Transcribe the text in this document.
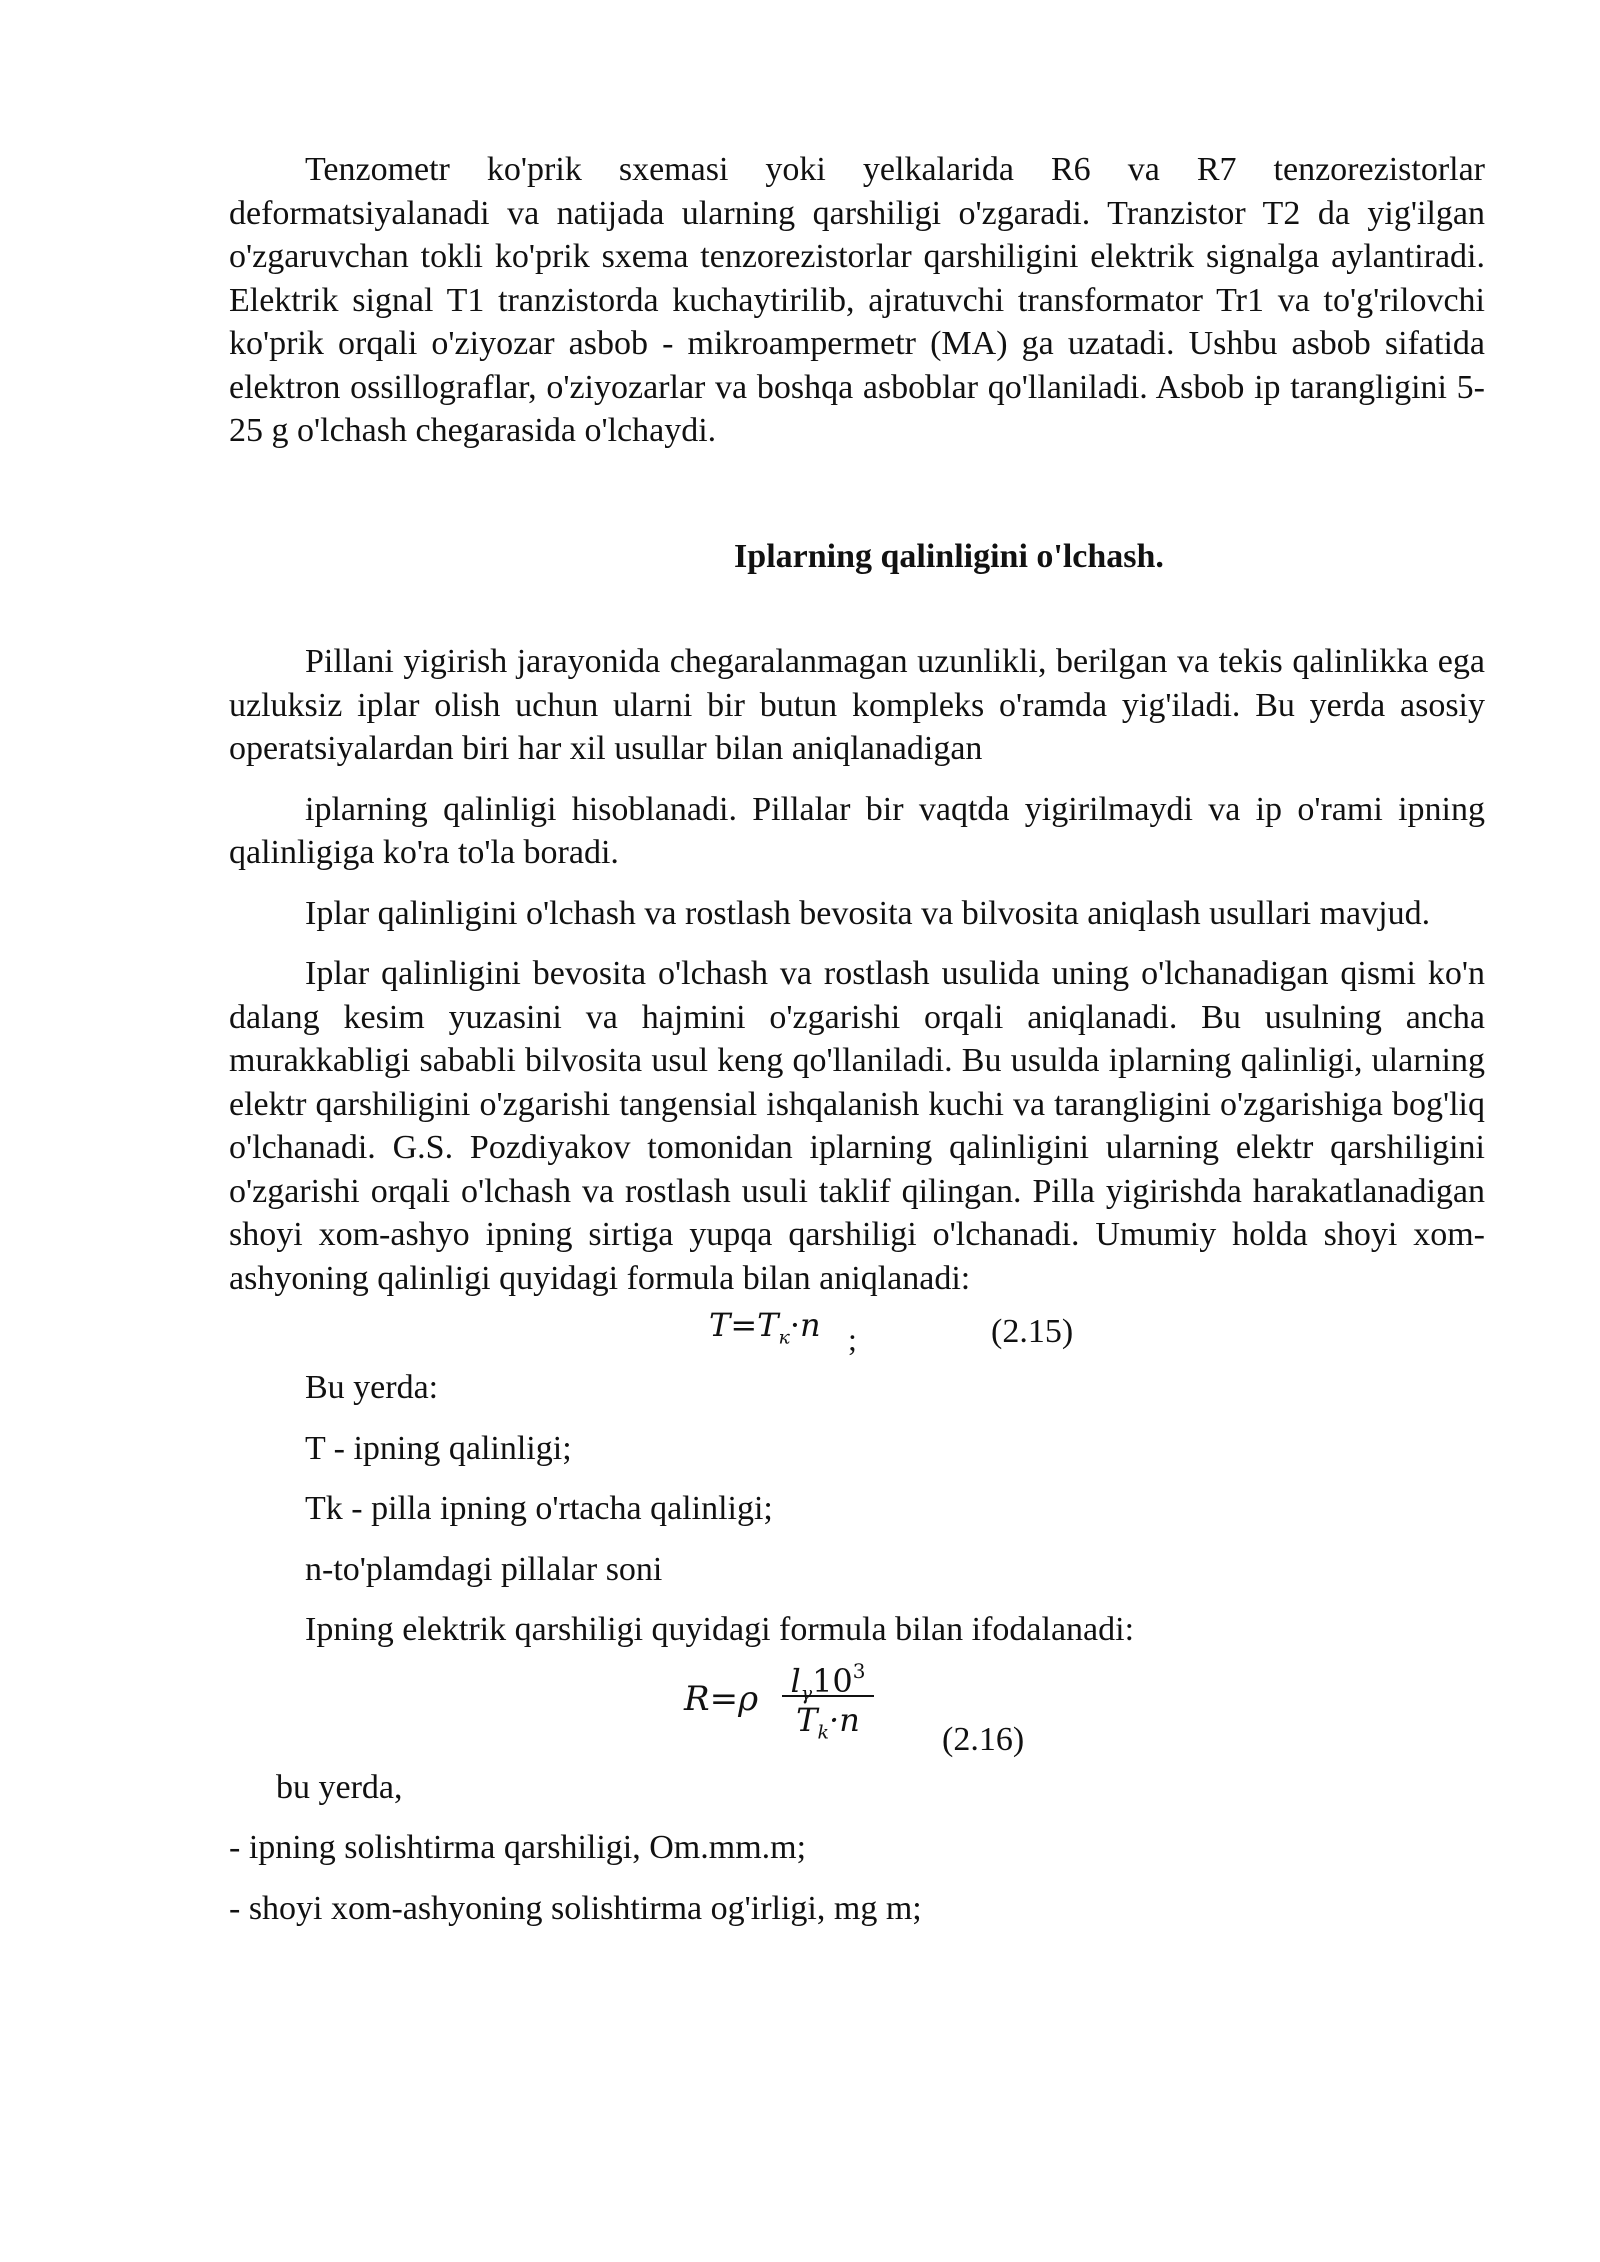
Tenzometr ko'prik sxemasi yoki yelkalarida R6 va R7 tenzorezistorlar deformatsiyalanadi va natijada ularning qarshiligi o'zgaradi. Tranzistor T2 da yig'ilgan o'zgaruvchan tokli ko'prik sxema tenzorezistorlar qarshiligini elektrik signalga aylantiradi. Elektrik signal T1 tranzistorda kuchaytirilib, ajratuvchi transformator Tr1 va to'g'rilovchi ko'prik orqali o'ziyozar asbob - mikroampermetr (MA) ga uzatadi. Ushbu asbob sifatida elektron ossillograflar, o'ziyozarlar va boshqa asboblar qo'llaniladi. Asbob ip tarangligini 5-25 g o'lchash chegarasida o'lchaydi.

Iplarning qalinligini o'lchash.

Pillani yigirish jarayonida chegaralanmagan uzunlikli, berilgan va tekis qalinlikka ega uzluksiz iplar olish uchun ularni bir butun kompleks o'ramda yig'iladi. Bu yerda asosiy operatsiyalardan biri har xil usullar bilan aniqlanadigan

iplarning qalinligi hisoblanadi. Pillalar bir vaqtda yigirilmaydi va ip o'rami ipning qalinligiga ko'ra to'la boradi.

Iplar qalinligini o'lchash va rostlash bevosita va bilvosita aniqlash usullari mavjud.

Iplar qalinligini bevosita o'lchash va rostlash usulida uning o'lchanadigan qismi ko'n dalang kesim yuzasini va hajmini o'zgarishi orqali aniqlanadi. Bu usulning ancha murakkabligi sababli bilvosita usul keng qo'llaniladi. Bu usulda iplarning qalinligi, ularning elektr qarshiligini o'zgarishi tangensial ishqalanish kuchi va tarangligini o'zgarishiga bog'liq o'lchanadi. G.S. Pozdiyakov tomonidan iplarning qalinligini ularning elektr qarshiligini o'zgarishi orqali o'lchash va rostlash usuli taklif qilingan. Pilla yigirishda harakatlanadigan shoyi xom-ashyo ipning sirtiga yupqa qarshiligi o'lchanadi. Umumiy holda shoyi xom-ashyoning qalinligi quyidagi formula bilan aniqlanadi:

$T=T_к\cdot n$ ;	(2.15)

Bu yerda:

T - ipning qalinligi;

Tk - pilla ipning o'rtacha qalinligi;

n-to'plamdagi pillalar soni

Ipning elektrik qarshiligi quyidagi formula bilan ifodalanadi:

R=ρ $l_\gamma 10^3$
$T_k\cdot n$
(2.16)

bu yerda,

- ipning solishtirma qarshiligi, Om.mm.m;

- shoyi xom-ashyoning solishtirma og'irligi, mg m;
